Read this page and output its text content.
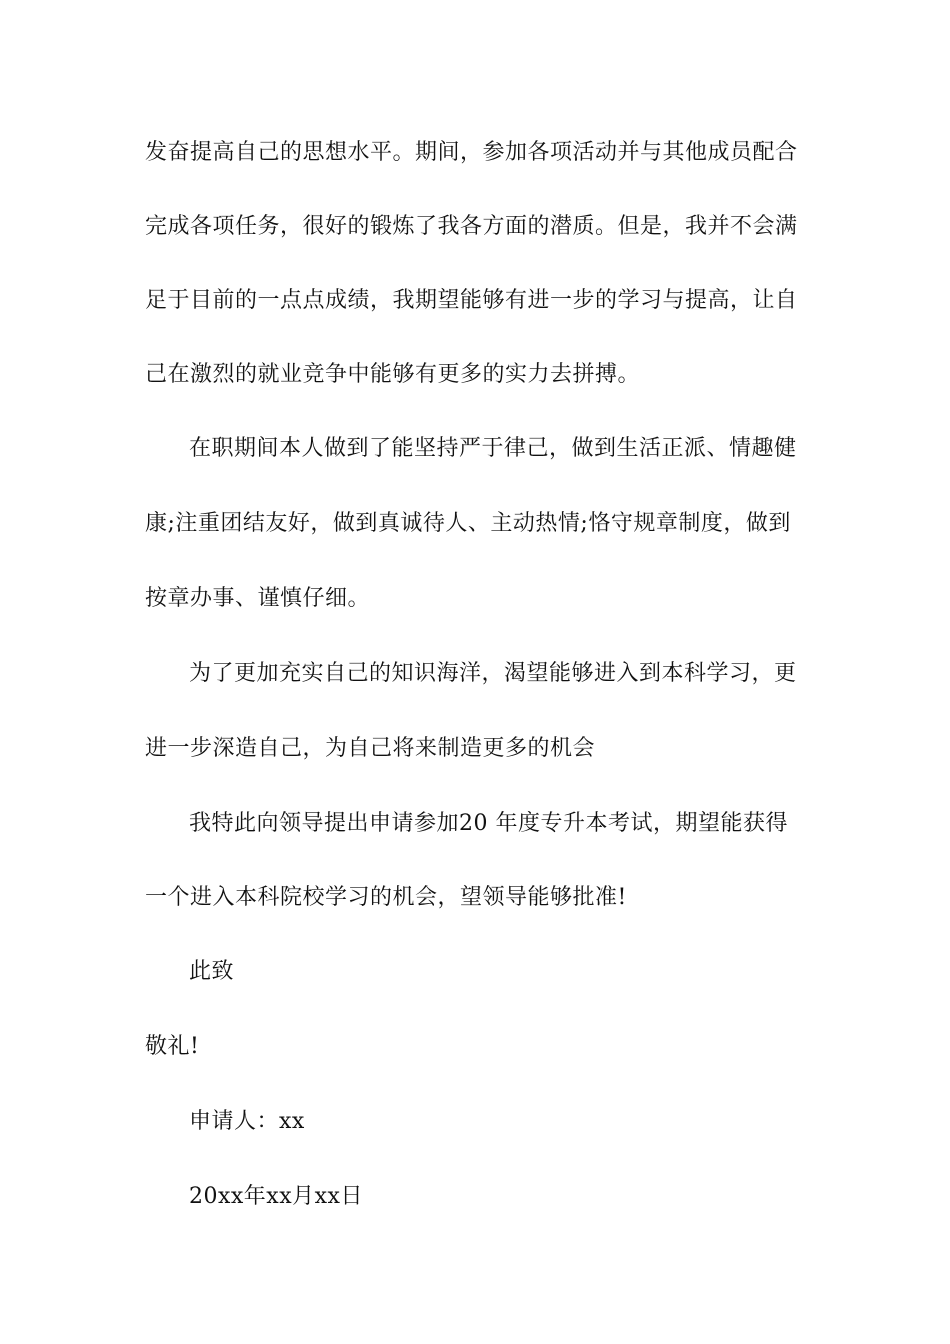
发奋提高自己的思想水平。期间，参加各项活动并与其他成员配合
完成各项任务，很好的锻炼了我各方面的潜质。但是，我并不会满
足于目前的一点点成绩，我期望能够有进一步的学习与提高，让自
己在激烈的就业竞争中能够有更多的实力去拼搏。
在职期间本人做到了能坚持严于律己，做到生活正派、情趣健
康;注重团结友好，做到真诚待人、主动热情;恪守规章制度，做到
按章办事、谨慎仔细。
为了更加充实自己的知识海洋，渴望能够进入到本科学习，更
进一步深造自己，为自己将来制造更多的机会
我特此向领导提出申请参加20 年度专升本考试，期望能获得
一个进入本科院校学习的机会，望领导能够批准!
此致
敬礼!
申请人：xx
20xx年xx月xx日
